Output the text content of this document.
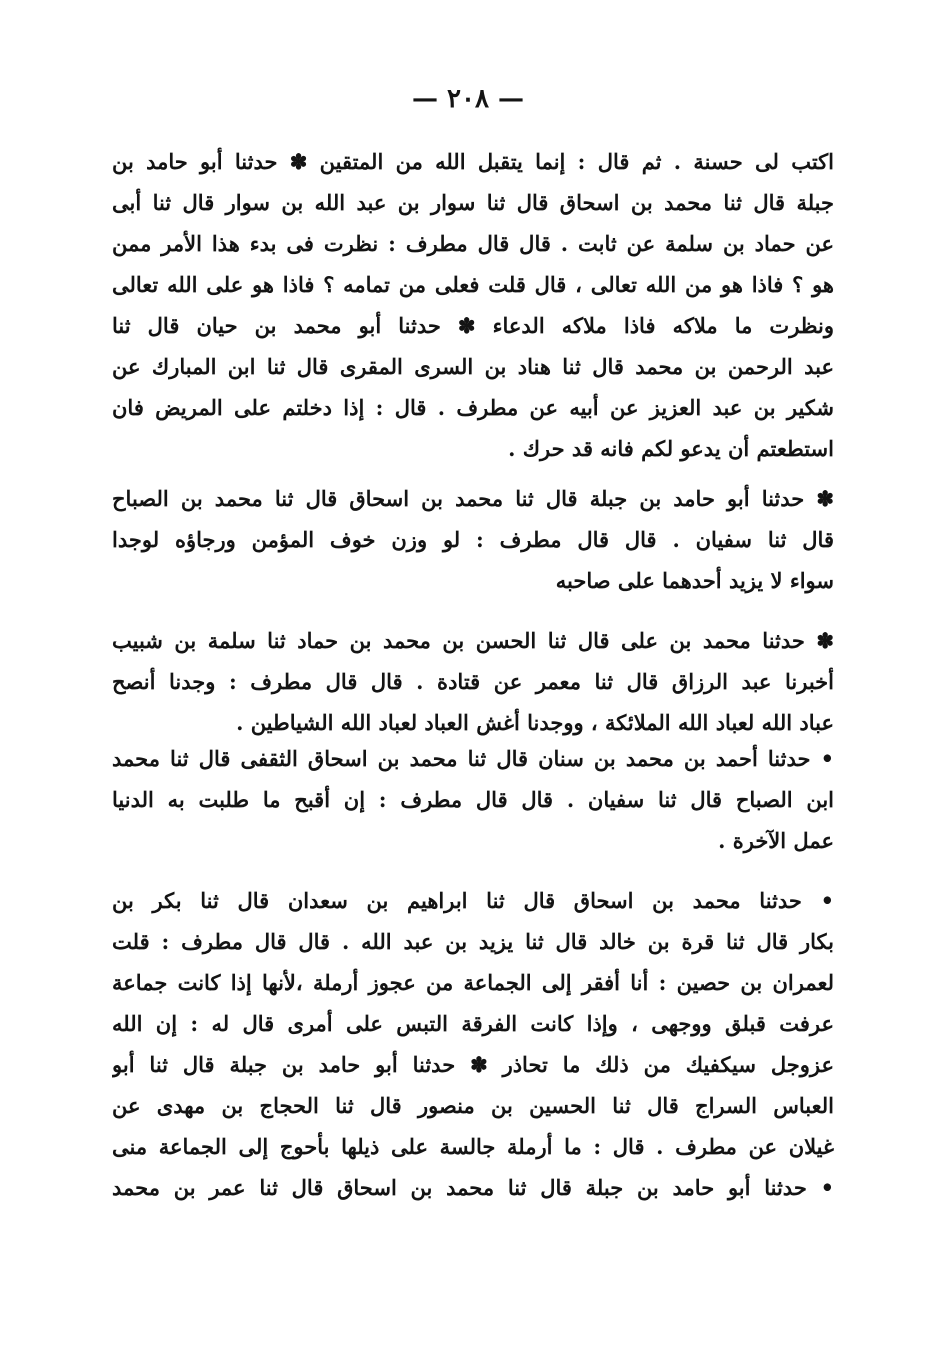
— ٢٠٨ —
اكتب لى حسنة . ثم قال : إنما يتقبل الله من المتقين ✽ حدثنا أبو حامد بن
جبلة قال ثنا محمد بن اسحاق قال ثنا سوار بن عبد الله بن سوار قال ثنا أبى
عن حماد بن سلمة عن ثابت . قال قال مطرف : نظرت فى بدء هذا الأمر ممن
هو ؟ فاذا هو من الله تعالى ، قال قلت فعلى من تمامه ؟ فاذا هو على الله تعالى
ونظرت ما ملاكه فاذا ملاكه الدعاء ✽ حدثنا أبو محمد بن حيان قال ثنا
عبد الرحمن بن محمد قال ثنا هناد بن السرى المقرى قال ثنا ابن المبارك عن
شكير بن عبد العزيز عن أبيه عن مطرف . قال : إذا دخلتم على المريض فان
استطعتم أن يدعو لكم فانه قد حرك .
✽ حدثنا أبو حامد بن جبلة قال ثنا محمد بن اسحاق قال ثنا محمد بن الصباح
قال ثنا سفيان . قال قال مطرف : لو وزن خوف المؤمن ورجاؤه لوجدا
سواء لا يزيد أحدهما على صاحبه
✽ حدثنا محمد بن على قال ثنا الحسن بن محمد بن حماد ثنا سلمة بن شبيب
أخبرنا عبد الرزاق قال ثنا معمر عن قتادة . قال قال مطرف : وجدنا أنصح
عباد الله لعباد الله الملائكة ، ووجدنا أغش العباد لعباد الله الشياطين .
• حدثنا أحمد بن محمد بن سنان قال ثنا محمد بن اسحاق الثقفى قال ثنا محمد
ابن الصباح قال ثنا سفيان . قال قال مطرف : إن أقبح ما طلبت به الدنيا
عمل الآخرة .
• حدثنا محمد بن اسحاق قال ثنا ابراهيم بن سعدان قال ثنا بكر بن
بكار قال ثنا قرة بن خالد قال ثنا يزيد بن عبد الله . قال قال مطرف : قلت
لعمران بن حصين : أنا أفقر إلى الجماعة من عجوز أرملة ،لأنها إذا كانت جماعة
عرفت قبلق ووجهى ، وإذا كانت الفرقة التبس على أمرى قال له : إن الله
عزوجل سيكفيك من ذلك ما تحاذر ✽ حدثنا أبو حامد بن جبلة قال ثنا أبو
العباس السراج قال ثنا الحسين بن منصور قال ثنا الحجاج بن مهدى عن
غيلان عن مطرف . قال : ما أرملة جالسة على ذيلها بأحوج إلى الجماعة منى
• حدثنا أبو حامد بن جبلة قال ثنا محمد بن اسحاق قال ثنا عمر بن محمد
